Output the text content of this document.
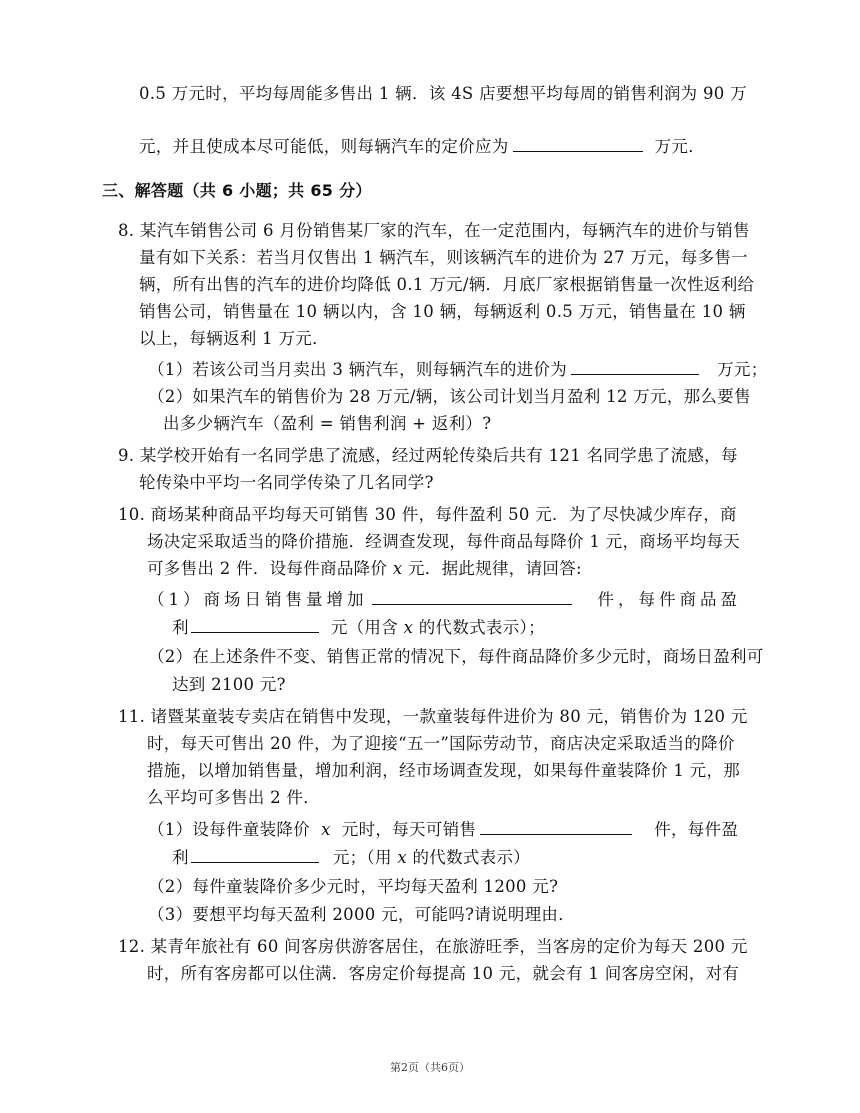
0.5 万元时，平均每周能多售出 1 辆．该 4S 店要想平均每周的销售利润为 90 万
元，并且使成本尽可能低，则每辆汽车的定价应为	万元．
三、解答题（共 6 小题；共 65 分）
8. 某汽车销售公司 6 月份销售某厂家的汽车，在一定范围内，每辆汽车的进价与销售
量有如下关系：若当月仅售出 1 辆汽车，则该辆汽车的进价为 27 万元，每多售一
辆，所有出售的汽车的进价均降低 0.1 万元/辆．月底厂家根据销售量一次性返利给
销售公司，销售量在 10 辆以内，含 10 辆，每辆返利 0.5 万元，销售量在 10 辆
以上，每辆返利 1 万元．
（1）若该公司当月卖出 3 辆汽车，则每辆汽车的进价为	万元；
（2）如果汽车的销售价为 28 万元/辆，该公司计划当月盈利 12 万元，那么要售
出多少辆汽车（盈利 = 销售利润 + 返利）?
9. 某学校开始有一名同学患了流感，经过两轮传染后共有 121 名同学患了流感，每
轮传染中平均一名同学传染了几名同学?
10. 商场某种商品平均每天可销售 30 件，每件盈利 50 元．为了尽快减少库存，商
场决定采取适当的降价措施．经调查发现，每件商品每降价 1 元，商场平均每天
可多售出 2 件．设每件商品降价 x 元．据此规律，请回答:
（1）商场日销售量增加	件，每件商品盈
利	元（用含 x 的代数式表示）；
（2）在上述条件不变、销售正常的情况下，每件商品降价多少元时，商场日盈利可
达到 2100 元?
11. 诸暨某童装专卖店在销售中发现，一款童装每件进价为 80 元，销售价为 120 元
时，每天可售出 20 件，为了迎接“五一”国际劳动节，商店决定采取适当的降价
措施，以增加销售量，增加利润，经市场调查发现，如果每件童装降价 1 元，那
么平均可多售出 2 件．
（1）设每件童装降价 x 元时，每天可销售	件，每件盈
利	元；（用 x 的代数式表示）
（2）每件童装降价多少元时，平均每天盈利 1200 元?
（3）要想平均每天盈利 2000 元，可能吗?请说明理由．
12. 某青年旅社有 60 间客房供游客居住，在旅游旺季，当客房的定价为每天 200 元
时，所有客房都可以住满．客房定价每提高 10 元，就会有 1 间客房空闲，对有
第2页（共6页）
